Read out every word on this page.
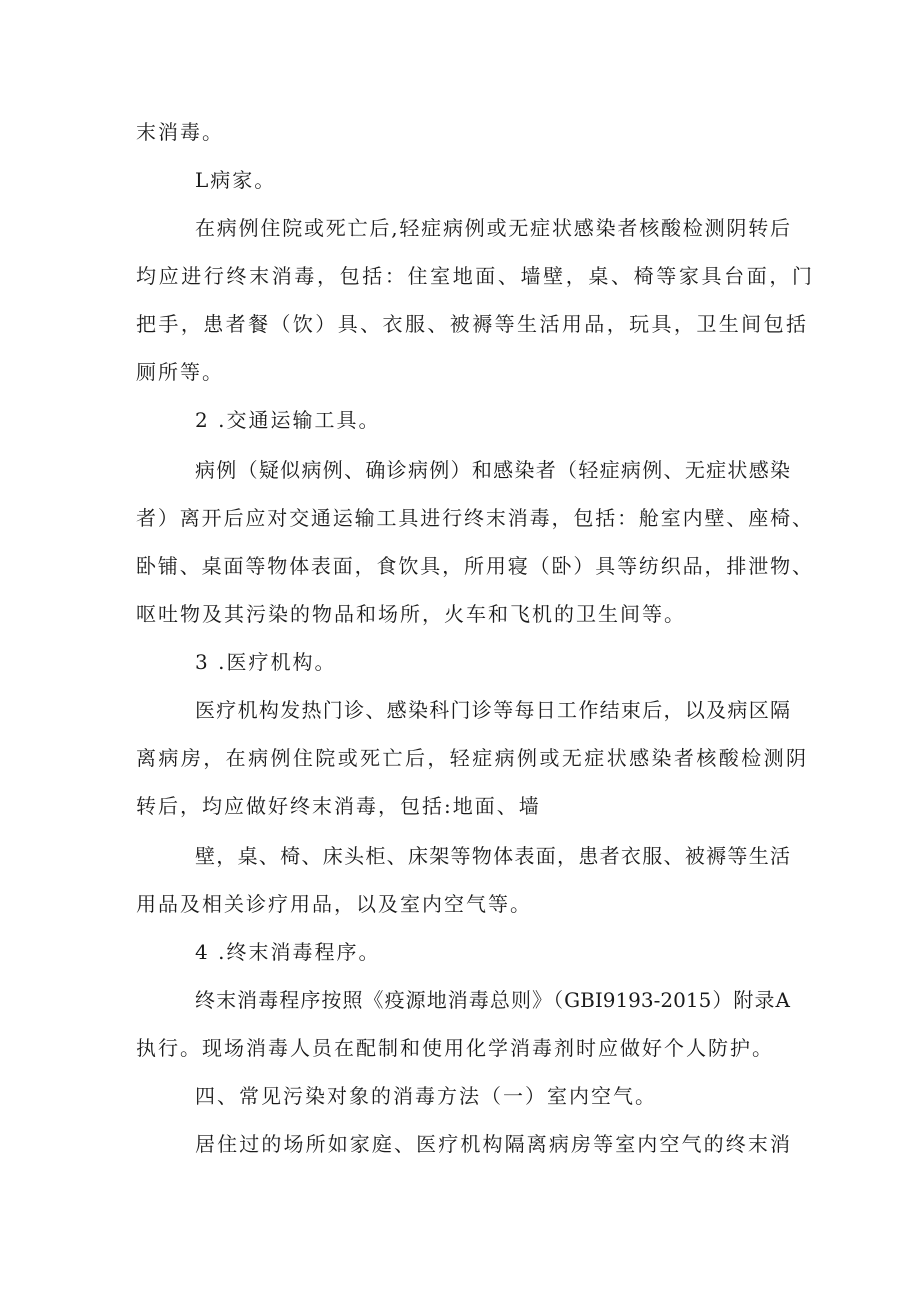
末消毒。
L病家。
在病例住院或死亡后,轻症病例或无症状感染者核酸检测阴转后
均应进行终末消毒，包括：住室地面、墙壁，桌、椅等家具台面，门
把手，患者餐（饮）具、衣服、被褥等生活用品，玩具，卫生间包括
厕所等。
2 .交通运输工具。
病例（疑似病例、确诊病例）和感染者（轻症病例、无症状感染
者）离开后应对交通运输工具进行终末消毒，包括：舱室内壁、座椅、
卧铺、桌面等物体表面，食饮具，所用寝（卧）具等纺织品，排泄物、
呕吐物及其污染的物品和场所，火车和飞机的卫生间等。
3 .医疗机构。
医疗机构发热门诊、感染科门诊等每日工作结束后，以及病区隔
离病房，在病例住院或死亡后，轻症病例或无症状感染者核酸检测阴
转后，均应做好终末消毒，包括:地面、墙
壁，桌、椅、床头柜、床架等物体表面，患者衣服、被褥等生活
用品及相关诊疗用品，以及室内空气等。
4 .终末消毒程序。
终末消毒程序按照《疫源地消毒总则》（GBI9193-2015）附录A
执行。现场消毒人员在配制和使用化学消毒剂时应做好个人防护。
四、常见污染对象的消毒方法（一）室内空气。
居住过的场所如家庭、医疗机构隔离病房等室内空气的终末消
